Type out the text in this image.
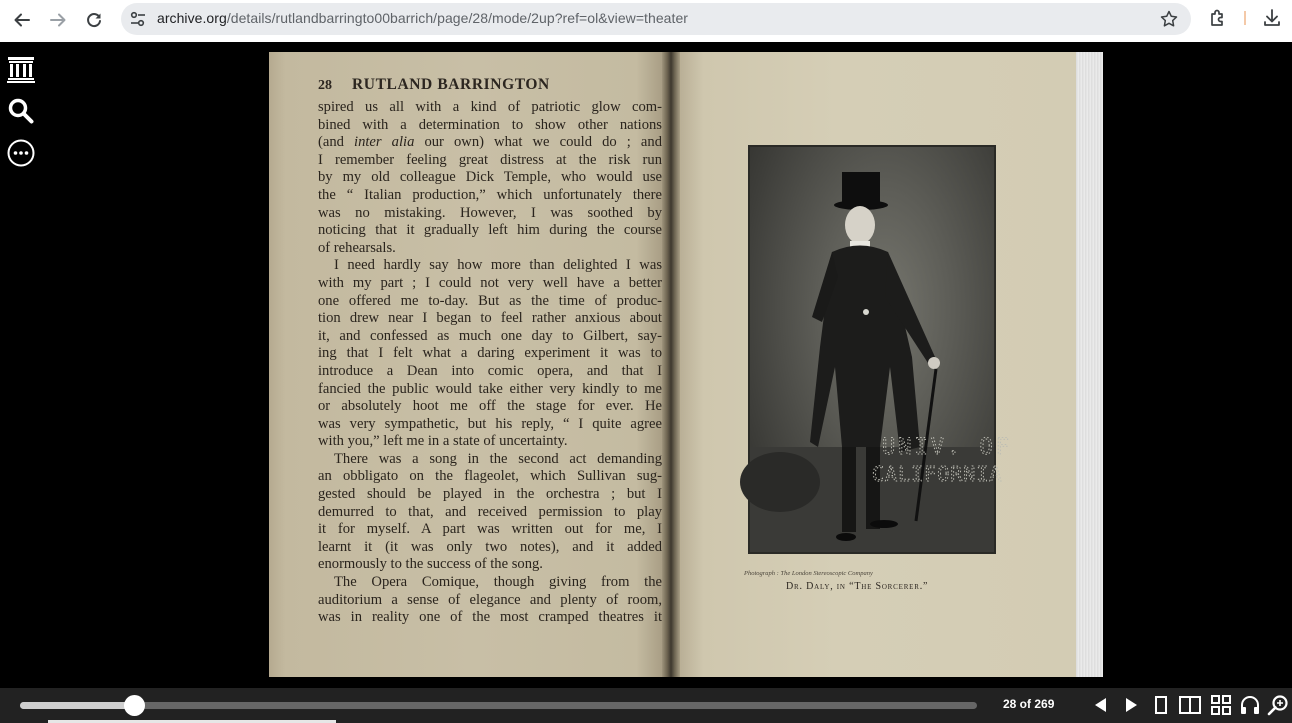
archive.org/details/rutlandbarringto00barrich/page/28/mode/2up?ref=ol&view=theater
28 RUTLAND BARRINGTON
spired us all with a kind of patriotic glow com-
bined with a determination to show other nations
(and inter alia our own) what we could do ; and
I remember feeling great distress at the risk run
by my old colleague Dick Temple, who would use
the “ Italian production,” which unfortunately there
was no mistaking. However, I was soothed by
noticing that it gradually left him during the course
of rehearsals.
I need hardly say how more than delighted I was
with my part ; I could not very well have a better
one offered me to-day. But as the time of produc-
tion drew near I began to feel rather anxious about
it, and confessed as much one day to Gilbert, say-
ing that I felt what a daring experiment it was to
introduce a Dean into comic opera, and that I
fancied the public would take either very kindly to me
or absolutely hoot me off the stage for ever. He
was very sympathetic, but his reply, “ I quite agree
with you,” left me in a state of uncertainty.
There was a song in the second act demanding
an obbligato on the flageolet, which Sullivan sug-
gested should be played in the orchestra ; but I
demurred to that, and received permission to play
it for myself. A part was written out for me, I
learnt it (it was only two notes), and it added
enormously to the success of the song.
The Opera Comique, though giving from the
auditorium a sense of elegance and plenty of room,
was in reality one of the most cramped theatres it
UNIV. OF
CALIFORNIA
Photograph : The London Stereoscopic Company
Dr. Daly, in “The Sorcerer.”
28 of 269
